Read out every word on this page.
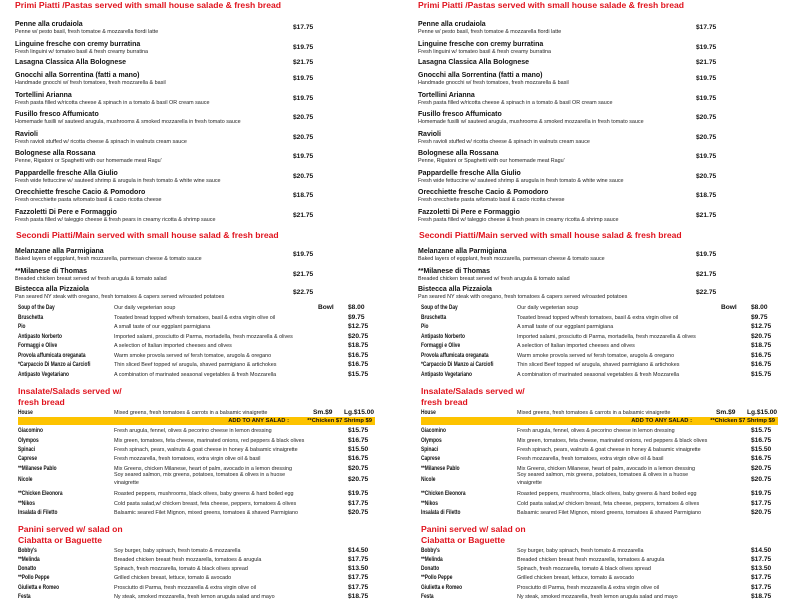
Primi Piatti /Pastas served with small house salade & fresh bread
Penne alla crudaiola
Penne w/ pesto basil, fresh tomatoe & mozzarella fiordi latte
$17.75
Linguine fresche con cremy burratina
Fresh linguini w/ tomateo basil & fresh creamy burratina
$19.75
Lasagna Classica Alla Bolognese	$21.75
Gnocchi alla Sorrentina (fatti a mano)
Handmade gnocchi w/ fresh tomatoes, fresh mozzarella & basil
$19.75
Tortellini Arianna
Fresh pasta filled w/ricotta cheese & spinach in a tomato & basil OR cream sauce
$19.75
Fusillo fresco Affumicato
Homemade fusilli w/ sauteed arugula, mushrooms & smoked mozzarella in fresh tomato sauce
$20.75
Ravioli
Fresh ravioli stuffed w/ ricotta cheese & spinach in walnuts cream sauce
$20.75
Bolognese alla Rossana
Penne, Rigatoni or Spaghetti with our homemade meat Ragu'
$19.75
Pappardelle fresche Alla Giulio
Fresh wide fettuccine w/ sauteed shrimp & arugula in fresh tomato & white wine sauce
$20.75
Orecchiette fresche Cacio & Pomodoro
Fresh orecchiette pasta w/tomato basil & cacio ricotta cheese
$18.75
Fazzoletti Di Pere e Formaggio
Fresh pasta filled w/ taleggio cheese & fresh pears in creamy ricotta & shrimp sauce
$21.75
Secondi Piatti/Main served with small house salad & fresh bread
Melanzane alla Parmigiana
Baked layers of eggplant, fresh mozzarella, parmesan cheese & tomato sauce
$19.75
**Milanese di Thomas
Breaded chicken breast served w/ fresh arugula & tomato salad
$21.75
Bistecca alla Pizzaiola
Pan seared NY steak with oregano, fresh tomatoes & capers served w/roasted potatoes
$22.75
Soup of the Day	Our daily vegeterian soup	Bowl $8.00
Bruschetta	Toasted bread topped w/fresh tomatoes, basil & extra virgin olive oil	$9.75
Pio	A small taste of our eggplant parmigiana	$12.75
Antipasto Norberto	Imported salami, prosciutto di Parma, mortadella, fresh mozzarella & olives	$20.75
Formaggi e Olive	A selection of Italian imported cheeses and olives	$18.75
Provola affumicata oreganata	Warm smoke provola served w/ fersh tomatoe, arugola & oregano	$16.75
*Carpaccio Di Manzo ai Carciofi	Thin sliced Beef topped w/ arugula, shaved parmigiano & artichokes	$16.75
Antipasto Vegetariano	A combination of marinated seasonal vegetables & fresh Mozzarella	$15.75
Insalate/Salads served w/
fresh bread
House	Mixed greens, fresh tomatoes & carrots in a balsamic vinaigrette	Sm.$9 Lg.$15.00
ADD TO ANY SALAD :	**Chicken $7 Shrimp $9
Giacomino	Fresh arugula, fennel, olives & pecorino cheese in lemon dressing	$15.75
Olympos	Mix green, tomatoes, feta cheese, marinated onions, red peppers & black olives	$16.75
Spinaci	Fresh spinach, pears, walnuts & goat cheese in honey & balsamic vinaigrette	$15.50
Caprese	Fresh mozzarella, fresh tomatoes, extra virgin olive oil & basil	$16.75
**Milanese Pablo	Mix Greens, chicken Milanese, heart of palm, avocado in a lemon dressing	$20.75
Nicole
Soy seared salmon, mix greens, potatoes, tomatoes & olives in a huose
vinaigrette	$20.75
**Chicken Eleonora	Roasted peppers, mushrooms, black olives, baby greens & hard boiled egg	$19.75
**Nikos	Cold pasta salad,w/ chicken breast, feta cheese, peppers, tomatoes & olives	$17.75
Insalata di Filetto	Balsamic seared Filet Mignon, mixed greens, tomatoes & shaved Parmigiano	$20.75
Panini served w/ salad on
Ciabatta or Baguette
Bobby's	Soy burger, baby spinach, fresh tomato & mozzarella	$14.50
**Melinda	Breaded chicken breast fresh mozzarella, tomatoes & arugula	$17.75
Donatto	Spinach, fresh mozzarella, tomato & black olives spread	$13.50
**Pollo Peppe	Grilled chicken breast, lettuce, tomato & avocado	$17.75
Giulietta e Romeo	Prosciutto di Parma, fresh mozzarella & extra virgin olive oil	$17.75
Festa	Ny steak, smoked mozzarella, fresh lemon arugula salad and mayo	$18.75
Primi Piatti /Pastas served with small house salade & fresh bread
Penne alla crudaiola
Penne w/ pesto basil, fresh tomatoe & mozzarella fiordi latte
$17.75
Linguine fresche con cremy burratina
Fresh linguini w/ tomateo basil & fresh creamy burratina
$19.75
Lasagna Classica Alla Bolognese	$21.75
Gnocchi alla Sorrentina (fatti a mano)
Handmade gnocchi w/ fresh tomatoes, fresh mozzarella & basil
$19.75
Tortellini Arianna
Fresh pasta filled w/ricotta cheese & spinach in a tomato & basil OR cream sauce
$19.75
Fusillo fresco Affumicato
Homemade fusilli w/ sauteed arugula, mushrooms & smoked mozzarella in fresh tomato sauce
$20.75
Ravioli
Fresh ravioli stuffed w/ ricotta cheese & spinach in walnuts cream sauce
$20.75
Bolognese alla Rossana
Penne, Rigatoni or Spaghetti with our homemade meat Ragu'
$19.75
Pappardelle fresche Alla Giulio
Fresh wide fettuccine w/ sauteed shrimp & arugula in fresh tomato & white wine sauce
$20.75
Orecchiette fresche Cacio & Pomodoro
Fresh orecchiette pasta w/tomato basil & cacio ricotta cheese
$18.75
Fazzoletti Di Pere e Formaggio
Fresh pasta filled w/ taleggio cheese & fresh pears in creamy ricotta & shrimp sauce
$21.75
Secondi Piatti/Main served with small house salad & fresh bread
Melanzane alla Parmigiana
Baked layers of eggplant, fresh mozzarella, parmesan cheese & tomato sauce
$19.75
**Milanese di Thomas
Breaded chicken breast served w/ fresh arugula & tomato salad
$21.75
Bistecca alla Pizzaiola
Pan seared NY steak with oregano, fresh tomatoes & capers served w/roasted potatoes
$22.75
Soup of the Day	Our daily vegeterian soup	Bowl $8.00
Bruschetta	Toasted bread topped w/fresh tomatoes, basil & extra virgin olive oil	$9.75
Pio	A small taste of our eggplant parmigiana	$12.75
Antipasto Norberto	Imported salami, prosciutto di Parma, mortadella, fresh mozzarella & olives	$20.75
Formaggi e Olive	A selection of Italian imported cheeses and olives	$18.75
Provola affumicata oreganata	Warm smoke provola served w/ fersh tomatoe, arugola & oregano	$16.75
*Carpaccio Di Manzo ai Carciofi	Thin sliced Beef topped w/ arugula, shaved parmigiano & artichokes	$16.75
Antipasto Vegetariano	A combination of marinated seasonal vegetables & fresh Mozzarella	$15.75
Insalate/Salads served w/
fresh bread
House	Mixed greens, fresh tomatoes & carrots in a balsamic vinaigrette	Sm.$9 Lg.$15.00
ADD TO ANY SALAD :	**Chicken $7 Shrimp $9
Giacomino	Fresh arugula, fennel, olives & pecorino cheese in lemon dressing	$15.75
Olympos	Mix green, tomatoes, feta cheese, marinated onions, red peppers & black olives	$16.75
Spinaci	Fresh spinach, pears, walnuts & goat cheese in honey & balsamic vinaigrette	$15.50
Caprese	Fresh mozzarella, fresh tomatoes, extra virgin olive oil & basil	$16.75
**Milanese Pablo	Mix Greens, chicken Milanese, heart of palm, avocado in a lemon dressing	$20.75
Nicole
Soy seared salmon, mix greens, potatoes, tomatoes & olives in a huose
vinaigrette	$20.75
**Chicken Eleonora	Roasted peppers, mushrooms, black olives, baby greens & hard boiled egg	$19.75
**Nikos	Cold pasta salad,w/ chicken breast, feta cheese, peppers, tomatoes & olives	$17.75
Insalata di Filetto	Balsamic seared Filet Mignon, mixed greens, tomatoes & shaved Parmigiano	$20.75
Panini served w/ salad on
Ciabatta or Baguette
Bobby's	Soy burger, baby spinach, fresh tomato & mozzarella	$14.50
**Melinda	Breaded chicken breast fresh mozzarella, tomatoes & arugula	$17.75
Donatto	Spinach, fresh mozzarella, tomato & black olives spread	$13.50
**Pollo Peppe	Grilled chicken breast, lettuce, tomato & avocado	$17.75
Giulietta e Romeo	Prosciutto di Parma, fresh mozzarella & extra virgin olive oil	$17.75
Festa	Ny steak, smoked mozzarella, fresh lemon arugula salad and mayo	$18.75
